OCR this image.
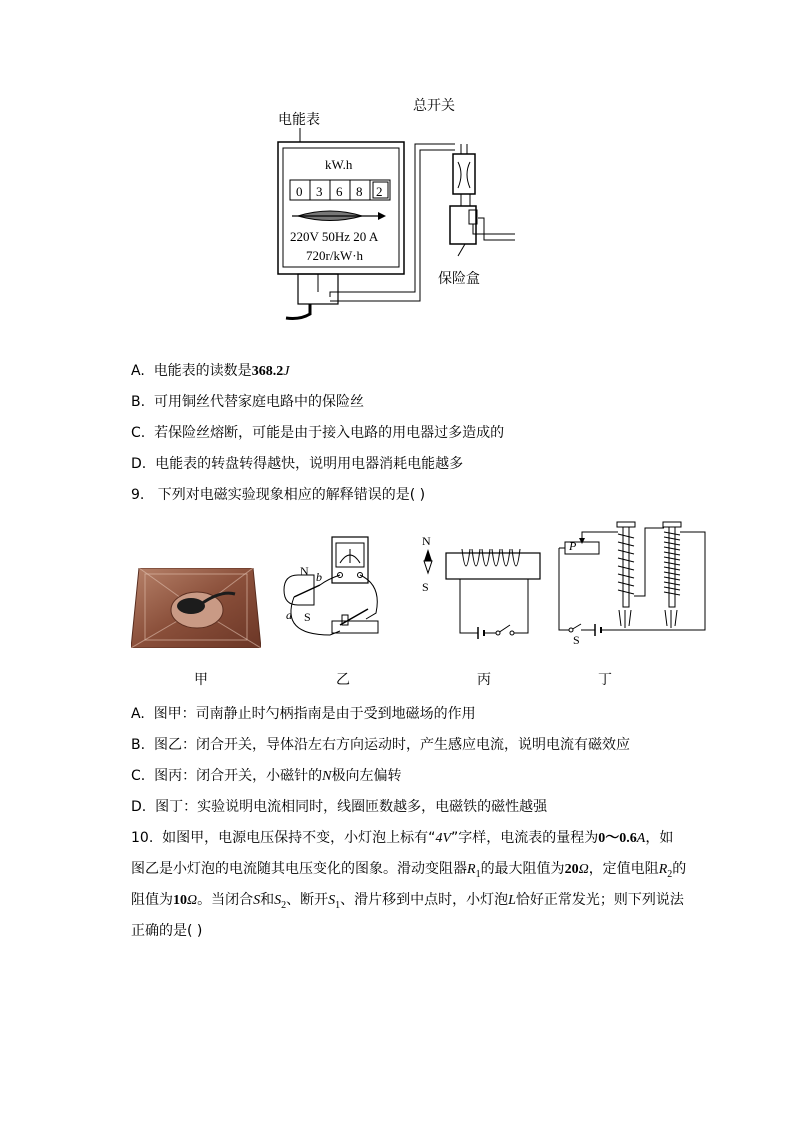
电能表
总开关
保险盒
kW.h
0 3 6 8 2
220V 50Hz 20 A
720r/kW·h
A. 电能表的读数是368.2J
B. 可用铜丝代替家庭电路中的保险丝
C. 若保险丝熔断，可能是由于接入电路的用电器过多造成的
D. 电能表的转盘转得越快，说明用电器消耗电能越多
9. 下列对电磁实验现象相应的解释错误的是( )
N
S
a
b
N
S
P
S
甲	乙	丙	丁
A. 图甲：司南静止时勺柄指南是由于受到地磁场的作用
B. 图乙：闭合开关，导体沿左右方向运动时，产生感应电流，说明电流有磁效应
C. 图丙：闭合开关，小磁针的N极向左偏转
D. 图丁：实验说明电流相同时，线圈匝数越多，电磁铁的磁性越强
10. 如图甲，电源电压保持不变，小灯泡上标有“4V”字样，电流表的量程为0～0.6A，如
图乙是小灯泡的电流随其电压变化的图象。滑动变阻器$R_1$的最大阻值为20Ω，定值电阻$R_2$的
阻值为10Ω。当闭合S和$S_2$、断开$S_1$、滑片移到中点时，小灯泡L恰好正常发光；则下列说法
正确的是( )
